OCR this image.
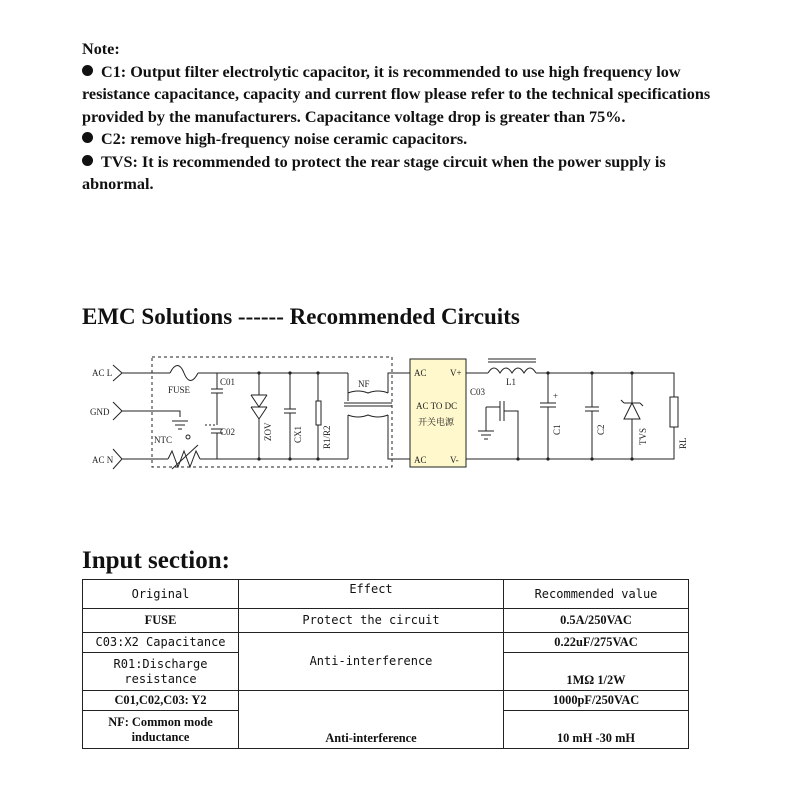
Note:

C1: Output filter electrolytic capacitor, it is recommended to use high frequency low resistance capacitance, capacity and current flow please refer to the technical specifications provided by the manufacturers. Capacitance voltage drop is greater than 75%.

C2: remove high-frequency noise ceramic capacitors.

TVS: It is recommended to protect the rear stage circuit when the power supply is abnormal.

EMC Solutions ------ Recommended Circuits
AC L
GND
AC N
FUSE
NTC
C01
C02	ZOV CX1 R1/R2
NF
AC	V+
AC TO DC
开关电源
AC	V-
L1
C03	+
C1	C2	TVS	RL
Input section:
Original	Effect	Recommended value
FUSE	Protect the circuit	0.5A/250VAC
C03:X2 Capacitance	Anti-interference	0.22uF/275VAC
R01:Discharge resistance		1MΩ 1/2W
C01,C02,C03: Y2	Anti-interference	1000pF/250VAC
NF: Common mode inductance		10 mH -30 mH
